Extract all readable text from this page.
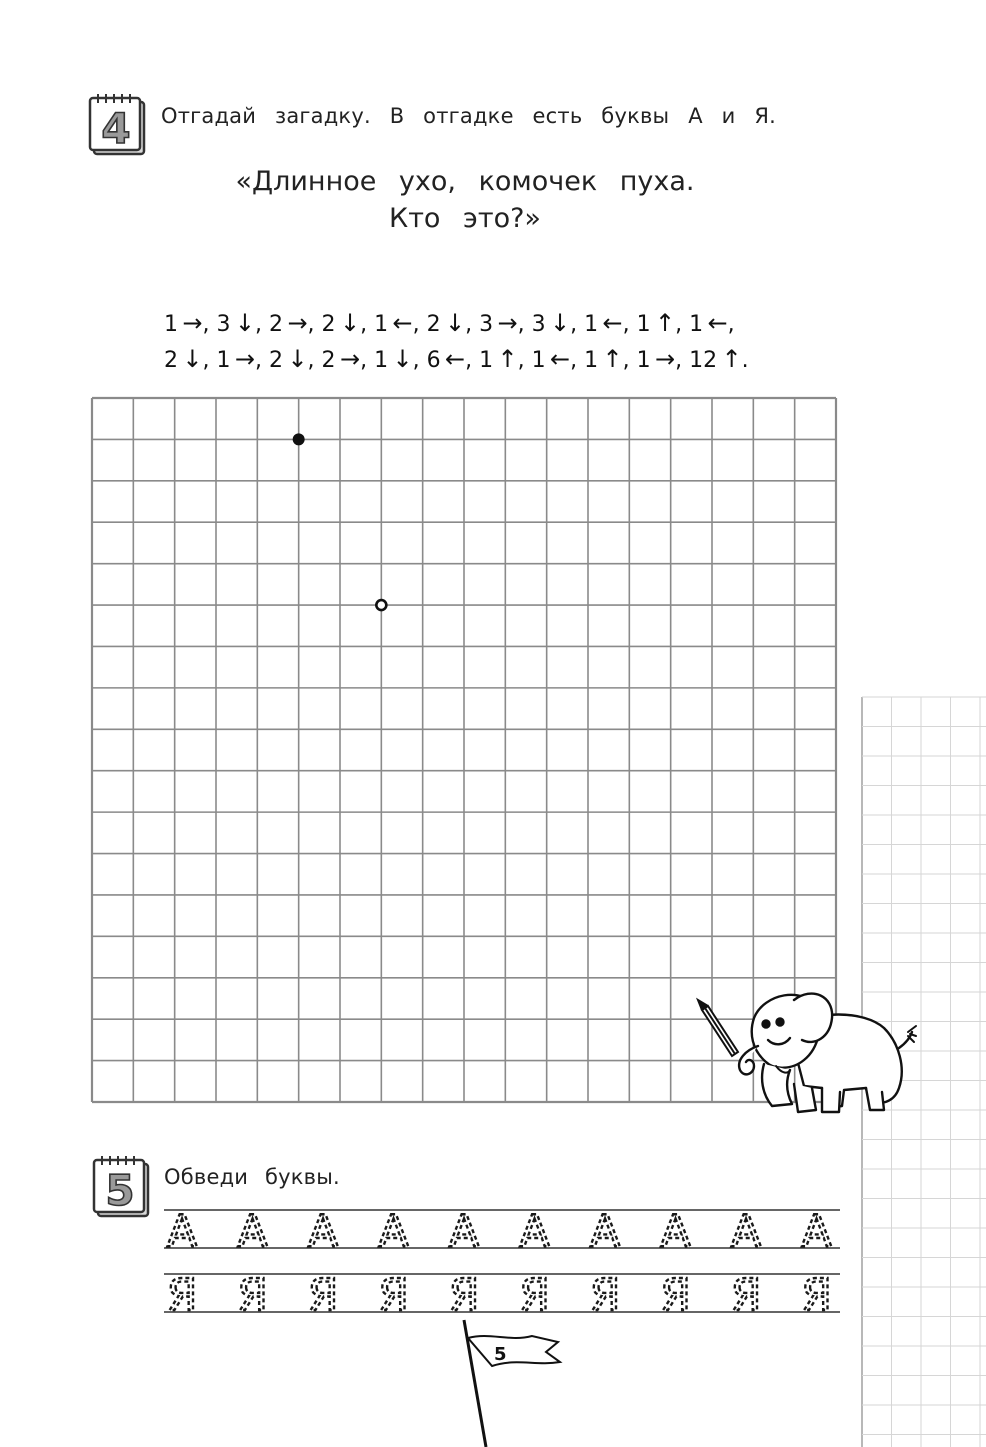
4 Отгадай загадку. В отгадке есть буквы А и Я.
«Длинное ухо, комочек пуха.
Кто это?»
1  →, 3  ↓, 2  →, 2  ↓, 1  ←, 2  ↓, 3  →, 3  ↓, 1  ←, 1  ↑, 1  ←,
2  ↓, 1  →, 2  ↓, 2  →, 1  ↓, 6  ←, 1  ↑, 1  ←, 1  ↑, 1  →, 12  ↑.
5 Обведи буквы.
А А А А А А А А А А
Я Я Я Я Я Я Я Я Я Я
5
